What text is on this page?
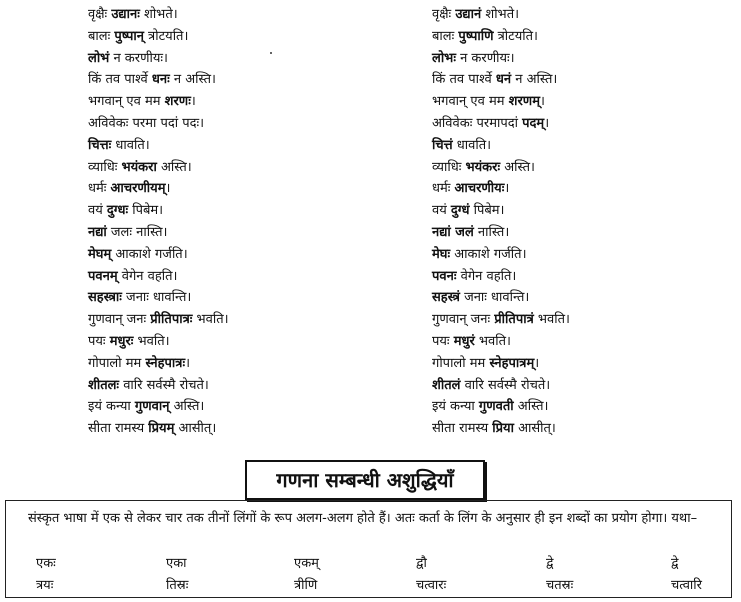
वृक्षैः उद्यानः शोभते।
बालः पुष्पान् त्रोटयति।
लोभं न करणीयः।
किं तव पार्श्वे धनः न अस्ति।
भगवान् एव मम शरणः।
अविवेकः परमा पदां पदः।
चित्तः धावति।
व्याधिः भयंकरा अस्ति।
धर्मः आचरणीयम्।
वयं दुग्धः पिबेम।
नद्यां जलः नास्ति।
मेघम् आकाशे गर्जति।
पवनम् वेगेन वहति।
सहस्त्राः जनाः धावन्ति।
गुणवान् जनः प्रीतिपात्रः भवति।
पयः मधुरः भवति।
गोपालो मम स्नेहपात्रः।
शीतलः वारि सर्वस्मै रोचते।
इयं कन्या गुणवान् अस्ति।
सीता रामस्य प्रियम् आसीत्।
वृक्षैः उद्यानं शोभते।
बालः पुष्पाणि त्रोटयति।
लोभः न करणीयः।
किं तव पार्श्वे धनं न अस्ति।
भगवान् एव मम शरणम्।
अविवेकः परमापदां पदम्।
चित्तं धावति।
व्याधिः भयंकरः अस्ति।
धर्मः आचरणीयः।
वयं दुग्धं पिबेम।
नद्यां जलं नास्ति।
मेघः आकाशे गर्जति।
पवनः वेगेन वहति।
सहस्त्रं जनाः धावन्ति।
गुणवान् जनः प्रीतिपात्रं भवति।
पयः मधुरं भवति।
गोपालो मम स्नेहपात्रम्।
शीतलं वारि सर्वस्मै रोचते।
इयं कन्या गुणवती अस्ति।
सीता रामस्य प्रिया आसीत्।
गणना सम्बन्धी अशुद्धियाँ
संस्कृत भाषा में एक से लेकर चार तक तीनों लिंगों के रूप अलग-अलग होते हैं। अतः कर्ता के लिंग के अनुसार ही इन शब्दों का प्रयोग होगा। यथा–
एकः	एका	एकम्	द्वौ	द्वे	द्वे
त्रयः	तिस्रः	त्रीणि	चत्वारः	चतस्रः	चत्वारि
